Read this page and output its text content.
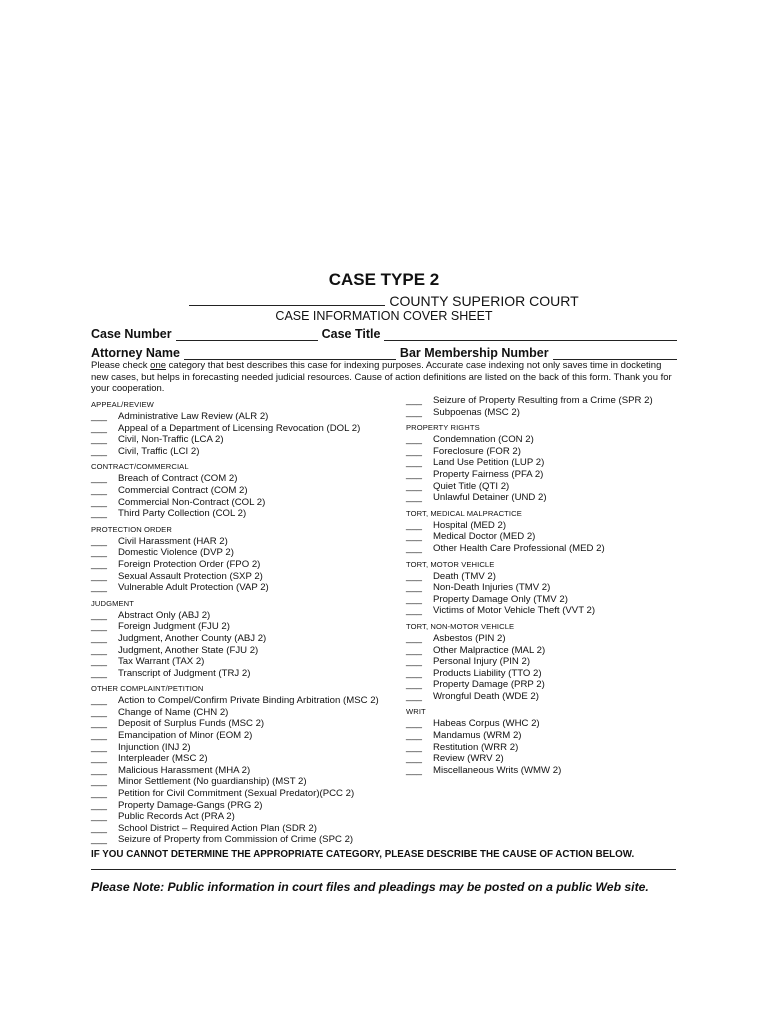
CASE TYPE 2
COUNTY SUPERIOR COURT
CASE INFORMATION COVER SHEET
Case Number	Case Title
Attorney Name	Bar Membership Number
Please check one category that best describes this case for indexing purposes. Accurate case indexing not only saves time in docketing new cases, but helps in forecasting needed judicial resources. Cause of action definitions are listed on the back of this form. Thank you for your cooperation.
APPEAL/REVIEW
___	Administrative Law Review (ALR 2)
___	Appeal of a Department of Licensing Revocation (DOL 2)
___	Civil, Non-Traffic (LCA 2)
___	Civil, Traffic (LCI 2)
CONTRACT/COMMERCIAL
___	Breach of Contract (COM 2)
___	Commercial Contract (COM 2)
___	Commercial Non-Contract (COL 2)
___	Third Party Collection (COL 2)
PROTECTION ORDER
___	Civil Harassment (HAR 2)
___	Domestic Violence (DVP 2)
___	Foreign Protection Order (FPO 2)
___	Sexual Assault Protection (SXP 2)
___	Vulnerable Adult Protection (VAP 2)
JUDGMENT
___	Abstract Only (ABJ 2)
___	Foreign Judgment (FJU 2)
___	Judgment, Another County (ABJ 2)
___	Judgment, Another State (FJU 2)
___	Tax Warrant (TAX 2)
___	Transcript of Judgment (TRJ 2)
OTHER COMPLAINT/PETITION
___	Action to Compel/Confirm Private Binding Arbitration (MSC 2)
___	Change of Name (CHN 2)
___	Deposit of Surplus Funds (MSC 2)
___	Emancipation of Minor (EOM 2)
___	Injunction (INJ 2)
___	Interpleader (MSC 2)
___	Malicious Harassment (MHA 2)
___	Minor Settlement (No guardianship) (MST 2)
___	Petition for Civil Commitment (Sexual Predator)(PCC 2)
___	Property Damage-Gangs (PRG 2)
___	Public Records Act (PRA 2)
___	School District – Required Action Plan (SDR 2)
___	Seizure of Property from Commission of Crime (SPC 2)
___	Seizure of Property Resulting from a Crime (SPR 2)
___	Subpoenas (MSC 2)
PROPERTY RIGHTS
___	Condemnation (CON 2)
___	Foreclosure (FOR 2)
___	Land Use Petition (LUP 2)
___	Property Fairness (PFA 2)
___	Quiet Title (QTI 2)
___	Unlawful Detainer (UND 2)
TORT, MEDICAL MALPRACTICE
___	Hospital (MED 2)
___	Medical Doctor (MED 2)
___	Other Health Care Professional (MED 2)
TORT, MOTOR VEHICLE
___	Death (TMV 2)
___	Non-Death Injuries (TMV 2)
___	Property Damage Only (TMV 2)
___	Victims of Motor Vehicle Theft (VVT 2)
TORT, NON-MOTOR VEHICLE
___	Asbestos (PIN 2)
___	Other Malpractice (MAL 2)
___	Personal Injury (PIN 2)
___	Products Liability (TTO 2)
___	Property Damage (PRP 2)
___	Wrongful Death (WDE 2)
WRIT
___	Habeas Corpus (WHC 2)
___	Mandamus (WRM 2)
___	Restitution (WRR 2)
___	Review (WRV 2)
___	Miscellaneous Writs (WMW 2)
IF YOU CANNOT DETERMINE THE APPROPRIATE CATEGORY, PLEASE DESCRIBE THE CAUSE OF ACTION BELOW.
Please Note: Public information in court files and pleadings may be posted on a public Web site.
